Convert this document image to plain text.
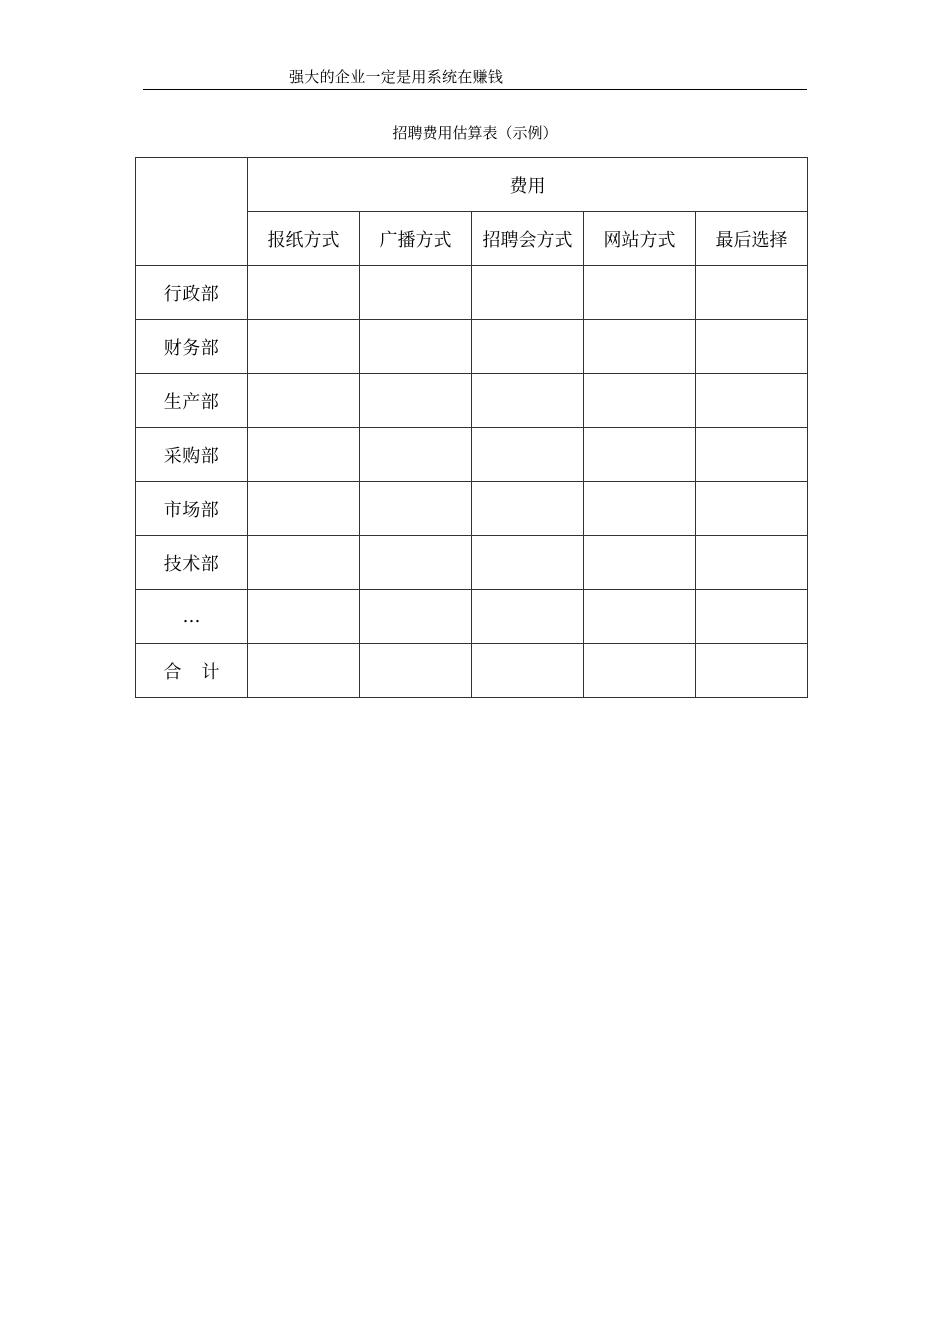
强大的企业一定是用系统在赚钱
招聘费用估算表（示例）
	费用				
	报纸方式	广播方式	招聘会方式	网站方式	最后选择
行政部					
财务部					
生产部					
采购部					
市场部					
技术部					
…					
合 计					
